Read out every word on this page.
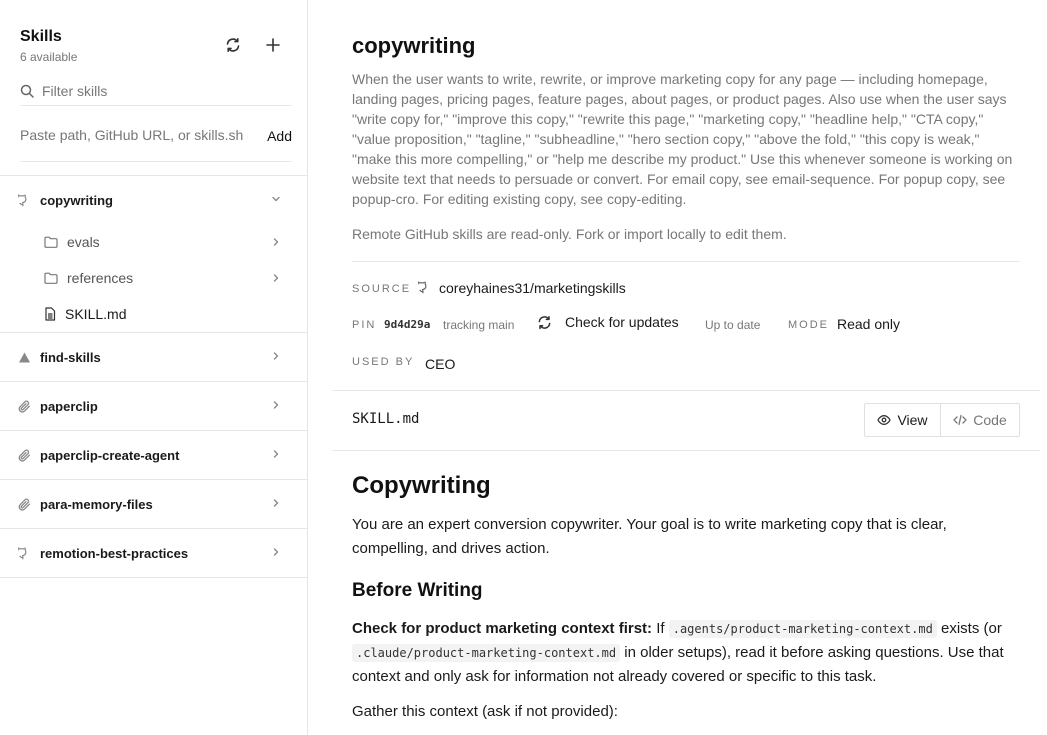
Skills
6 available
Filter skills
Paste path, GitHub URL, or skills.sh command
Add
copywriting
evals
references
SKILL.md
find-skills
paperclip
paperclip-create-agent
para-memory-files
remotion-best-practices
copywriting
When the user wants to write, rewrite, or improve marketing copy for any page — including homepage, landing pages, pricing pages, feature pages, about pages, or product pages. Also use when the user says "write copy for," "improve this copy," "rewrite this page," "marketing copy," "headline help," "CTA copy," "value proposition," "tagline," "subheadline," "hero section copy," "above the fold," "this copy is weak," "make this more compelling," or "help me describe my product." Use this whenever someone is working on website text that needs to persuade or convert. For email copy, see email-sequence. For popup copy, see popup-cro. For editing existing copy, see copy-editing.
Remote GitHub skills are read-only. Fork or import locally to edit them.
SOURCE coreyhaines31/marketingskills
PIN 9d4d29a tracking main	Check for updates Up to date	MODE Read only
USED BY CEO
SKILL.md	View	Code
Copywriting
You are an expert conversion copywriter. Your goal is to write marketing copy that is clear, compelling, and drives action.
Before Writing
Check for product marketing context first: If .agents/product-marketing-context.md exists (or .claude/product-marketing-context.md in older setups), read it before asking questions. Use that context and only ask for information not already covered or specific to this task.
Gather this context (ask if not provided):
